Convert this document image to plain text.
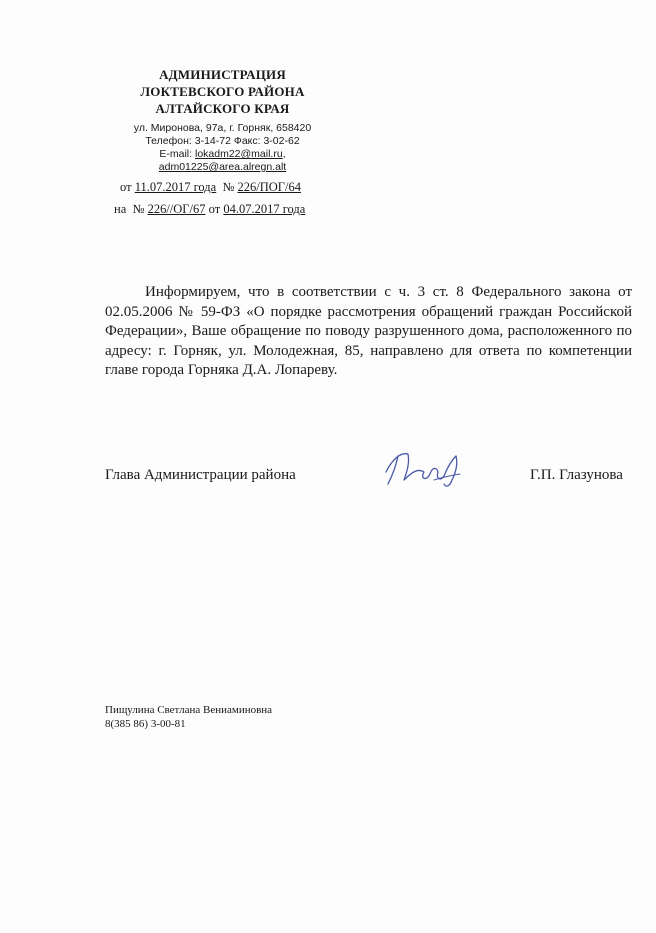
АДМИНИСТРАЦИЯ
ЛОКТЕВСКОГО РАЙОНА
АЛТАЙСКОГО КРАЯ
ул. Миронова, 97а, г. Горняк, 658420
Телефон: 3-14-72 Факс: 3-02-62
E-mail: lokadm22@mail.ru,
adm01225@area.alregn.alt
от 11.07.2017 года № 226/ПОГ/64
на № 226//ОГ/67 от 04.07.2017 года

Информируем, что в соответствии с ч. 3 ст. 8 Федерального закона от 02.05.2006 № 59-ФЗ «О порядке рассмотрения обращений граждан Российской Федерации», Ваше обращение по поводу разрушенного дома, расположенного по адресу: г. Горняк, ул. Молодежная, 85, направлено для ответа по компетенции главе города Горняка Д.А. Лопареву.

Глава Администрации района	Г.П. Глазунова
Пищулина Светлана Вениаминовна
8(385 86) 3-00-81
